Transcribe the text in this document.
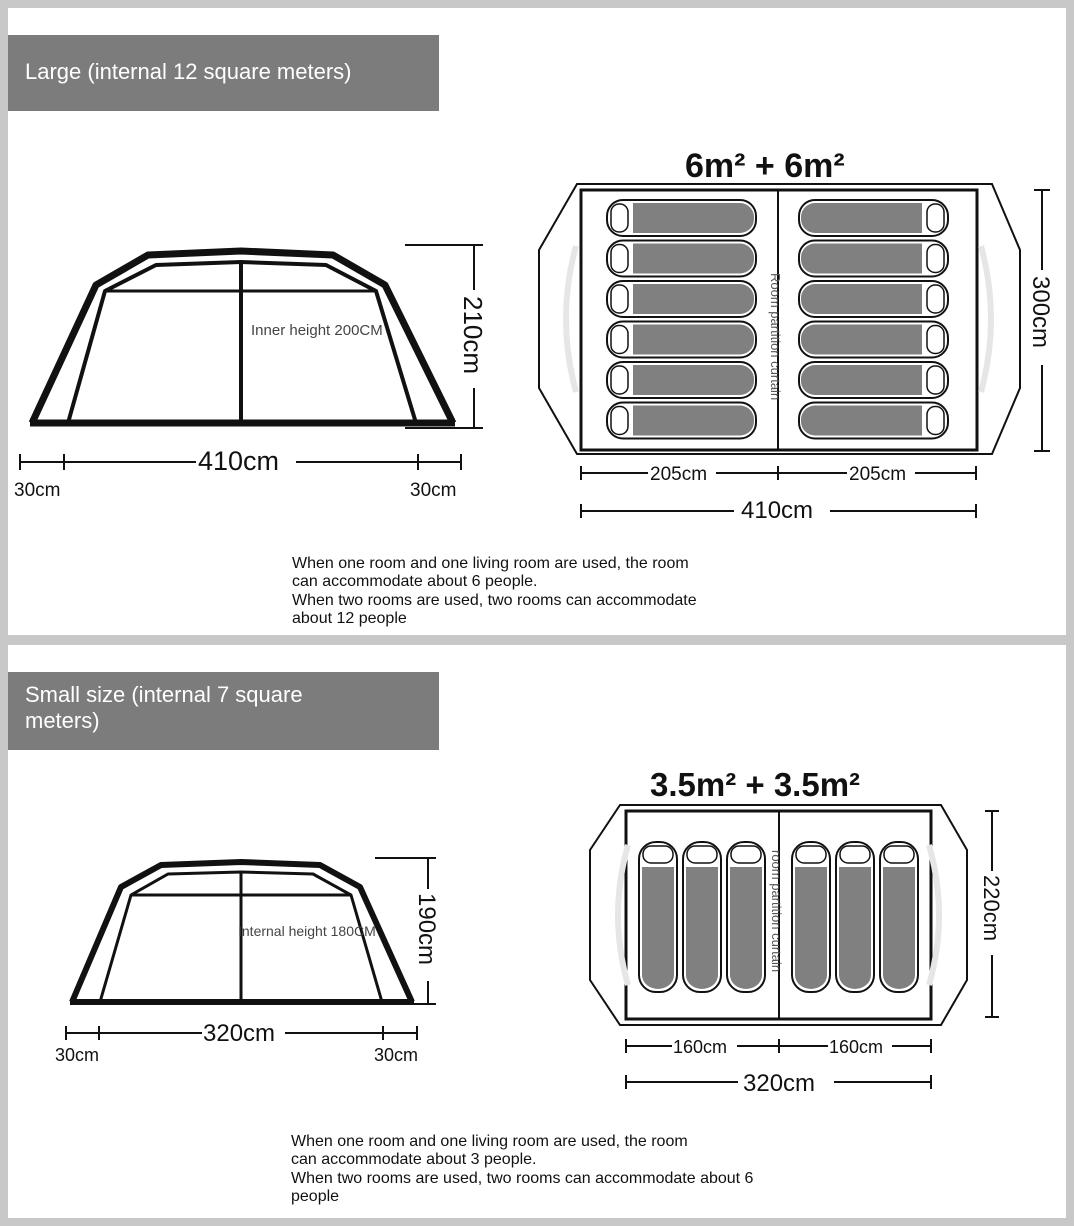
Large (internal 12 square meters)
Inner height 200CM	210cm
410cm
30cm	30cm
6m² + 6m²
Room partition curtain	300cm
205cm	205cm
410cm

When one room and one living room are used, the room

can accommodate about 6 people.

When two rooms are used, two rooms can accommodate

about 12 people

Small size (internal 7 square meters)
Internal height 180CM 190cm
320cm
30cm	30cm
3.5m² + 3.5m²
room partition curtain	220cm
160cm	160cm
320cm

When one room and one living room are used, the room

can accommodate about 3 people.

When two rooms are used, two rooms can accommodate about 6

people
